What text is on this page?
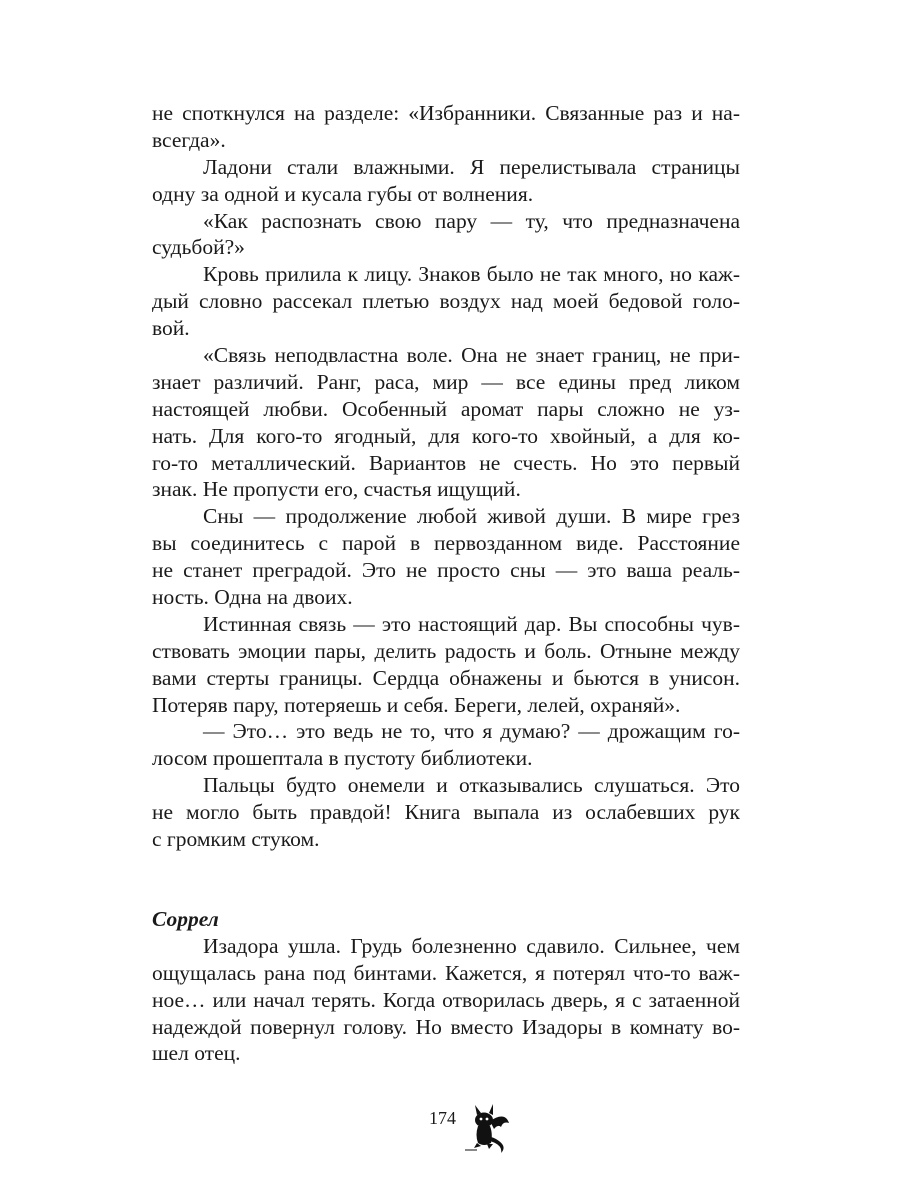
не споткнулся на разделе: «Избранники. Связанные раз и на-
всегда».
Ладони стали влажными. Я перелистывала страницы
одну за одной и кусала губы от волнения.
«Как распознать свою пару — ту, что предназначена
судьбой?»
Кровь прилила к лицу. Знаков было не так много, но каж-
дый словно рассекал плетью воздух над моей бедовой голо-
вой.
«Связь неподвластна воле. Она не знает границ, не при-
знает различий. Ранг, раса, мир — все едины пред ликом
настоящей любви. Особенный аромат пары сложно не уз-
нать. Для кого-то ягодный, для кого-то хвойный, а для ко-
го-то металлический. Вариантов не счесть. Но это первый
знак. Не пропусти его, счастья ищущий.
Сны — продолжение любой живой души. В мире грез
вы соединитесь с парой в первозданном виде. Расстояние
не станет преградой. Это не просто сны — это ваша реаль-
ность. Одна на двоих.
Истинная связь — это настоящий дар. Вы способны чув-
ствовать эмоции пары, делить радость и боль. Отныне между
вами стерты границы. Сердца обнажены и бьются в унисон.
Потеряв пару, потеряешь и себя. Береги, лелей, охраняй».
— Это… это ведь не то, что я думаю? — дрожащим го-
лосом прошептала в пустоту библиотеки.
Пальцы будто онемели и отказывались слушаться. Это
не могло быть правдой! Книга выпала из ослабевших рук
с громким стуком.
Соррел
Изадора ушла. Грудь болезненно сдавило. Сильнее, чем
ощущалась рана под бинтами. Кажется, я потерял что-то важ-
ное… или начал терять. Когда отворилась дверь, я с затаенной
надеждой повернул голову. Но вместо Изадоры в комнату во-
шел отец.
174
